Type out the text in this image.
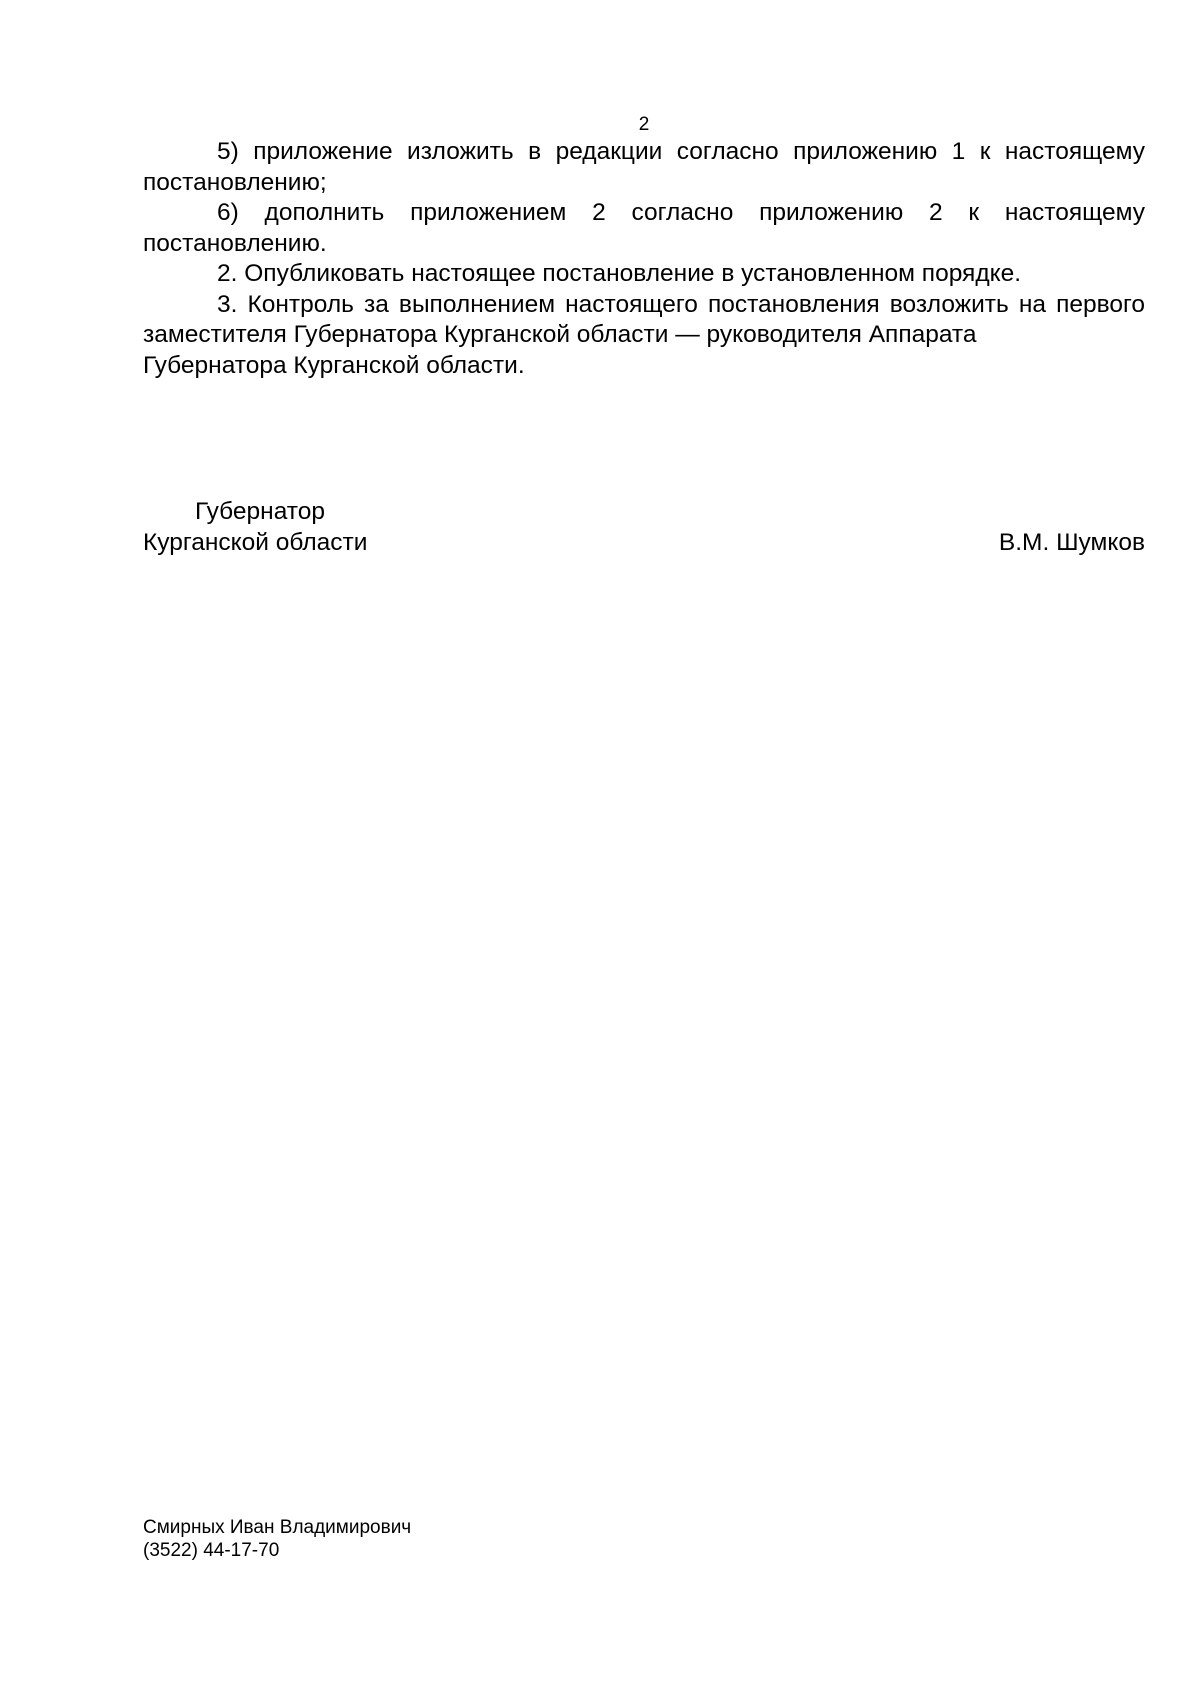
2

5) приложение изложить в редакции согласно приложению 1 к настоящему постановлению;

6) дополнить приложением 2 согласно приложению 2 к настоящему постановлению.

2. Опубликовать настоящее постановление в установленном порядке.

3. Контроль за выполнением настоящего постановления возложить на первого заместителя Губернатора Курганской области — руководителя Аппарата

Губернатора Курганской области.

Губернатор
Курганской области	В.М. Шумков
Смирных Иван Владимирович
(3522) 44-17-70
